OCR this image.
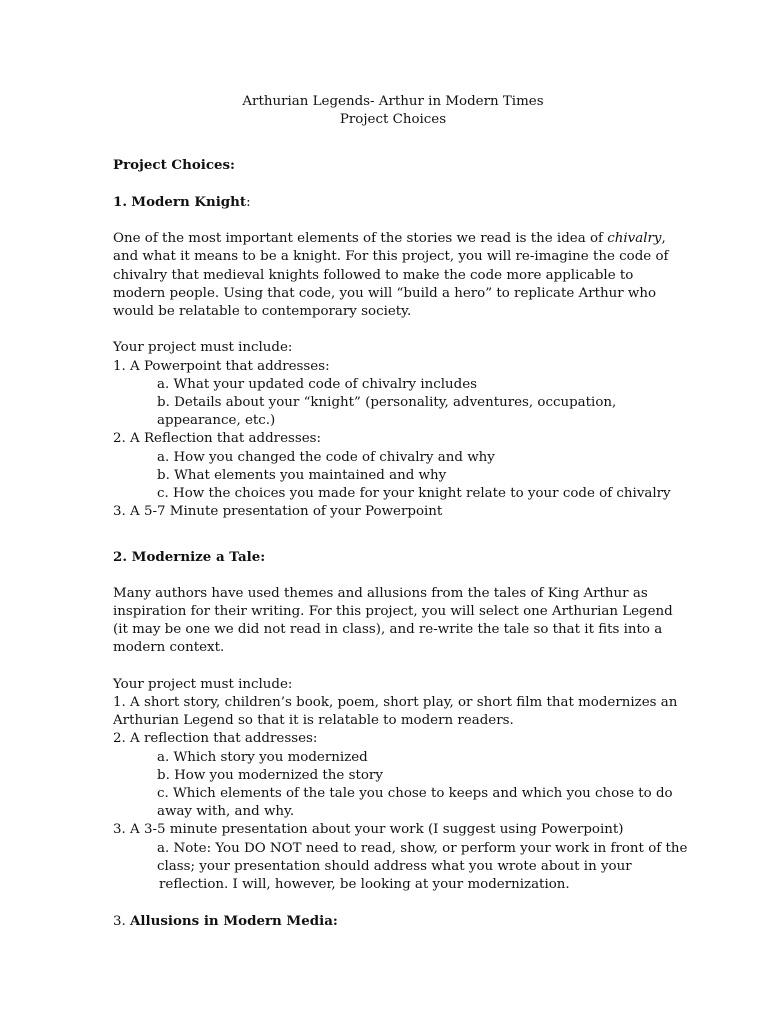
Arthurian Legends- Arthur in Modern Times
Project Choices
Project Choices:
1. Modern Knight:
One of the most important elements of the stories we read is the idea of chivalry,
and what it means to be a knight. For this project, you will re-imagine the code of
chivalry that medieval knights followed to make the code more applicable to
modern people. Using that code, you will “build a hero” to replicate Arthur who
would be relatable to contemporary society.
Your project must include:
1. A Powerpoint that addresses:
a. What your updated code of chivalry includes
b. Details about your “knight” (personality, adventures, occupation,
appearance, etc.)
2. A Reflection that addresses:
a. How you changed the code of chivalry and why
b. What elements you maintained and why
c. How the choices you made for your knight relate to your code of chivalry
3. A 5-7 Minute presentation of your Powerpoint
2. Modernize a Tale:
Many authors have used themes and allusions from the tales of King Arthur as
inspiration for their writing. For this project, you will select one Arthurian Legend
(it may be one we did not read in class), and re-write the tale so that it fits into a
modern context.
Your project must include:
1. A short story, children’s book, poem, short play, or short film that modernizes an
Arthurian Legend so that it is relatable to modern readers.
2. A reflection that addresses:
a. Which story you modernized
b. How you modernized the story
c. Which elements of the tale you chose to keeps and which you chose to do
away with, and why.
3. A 3-5 minute presentation about your work (I suggest using Powerpoint)
a. Note: You DO NOT need to read, show, or perform your work in front of the
class; your presentation should address what you wrote about in your
reflection. I will, however, be looking at your modernization.
3. Allusions in Modern Media:
